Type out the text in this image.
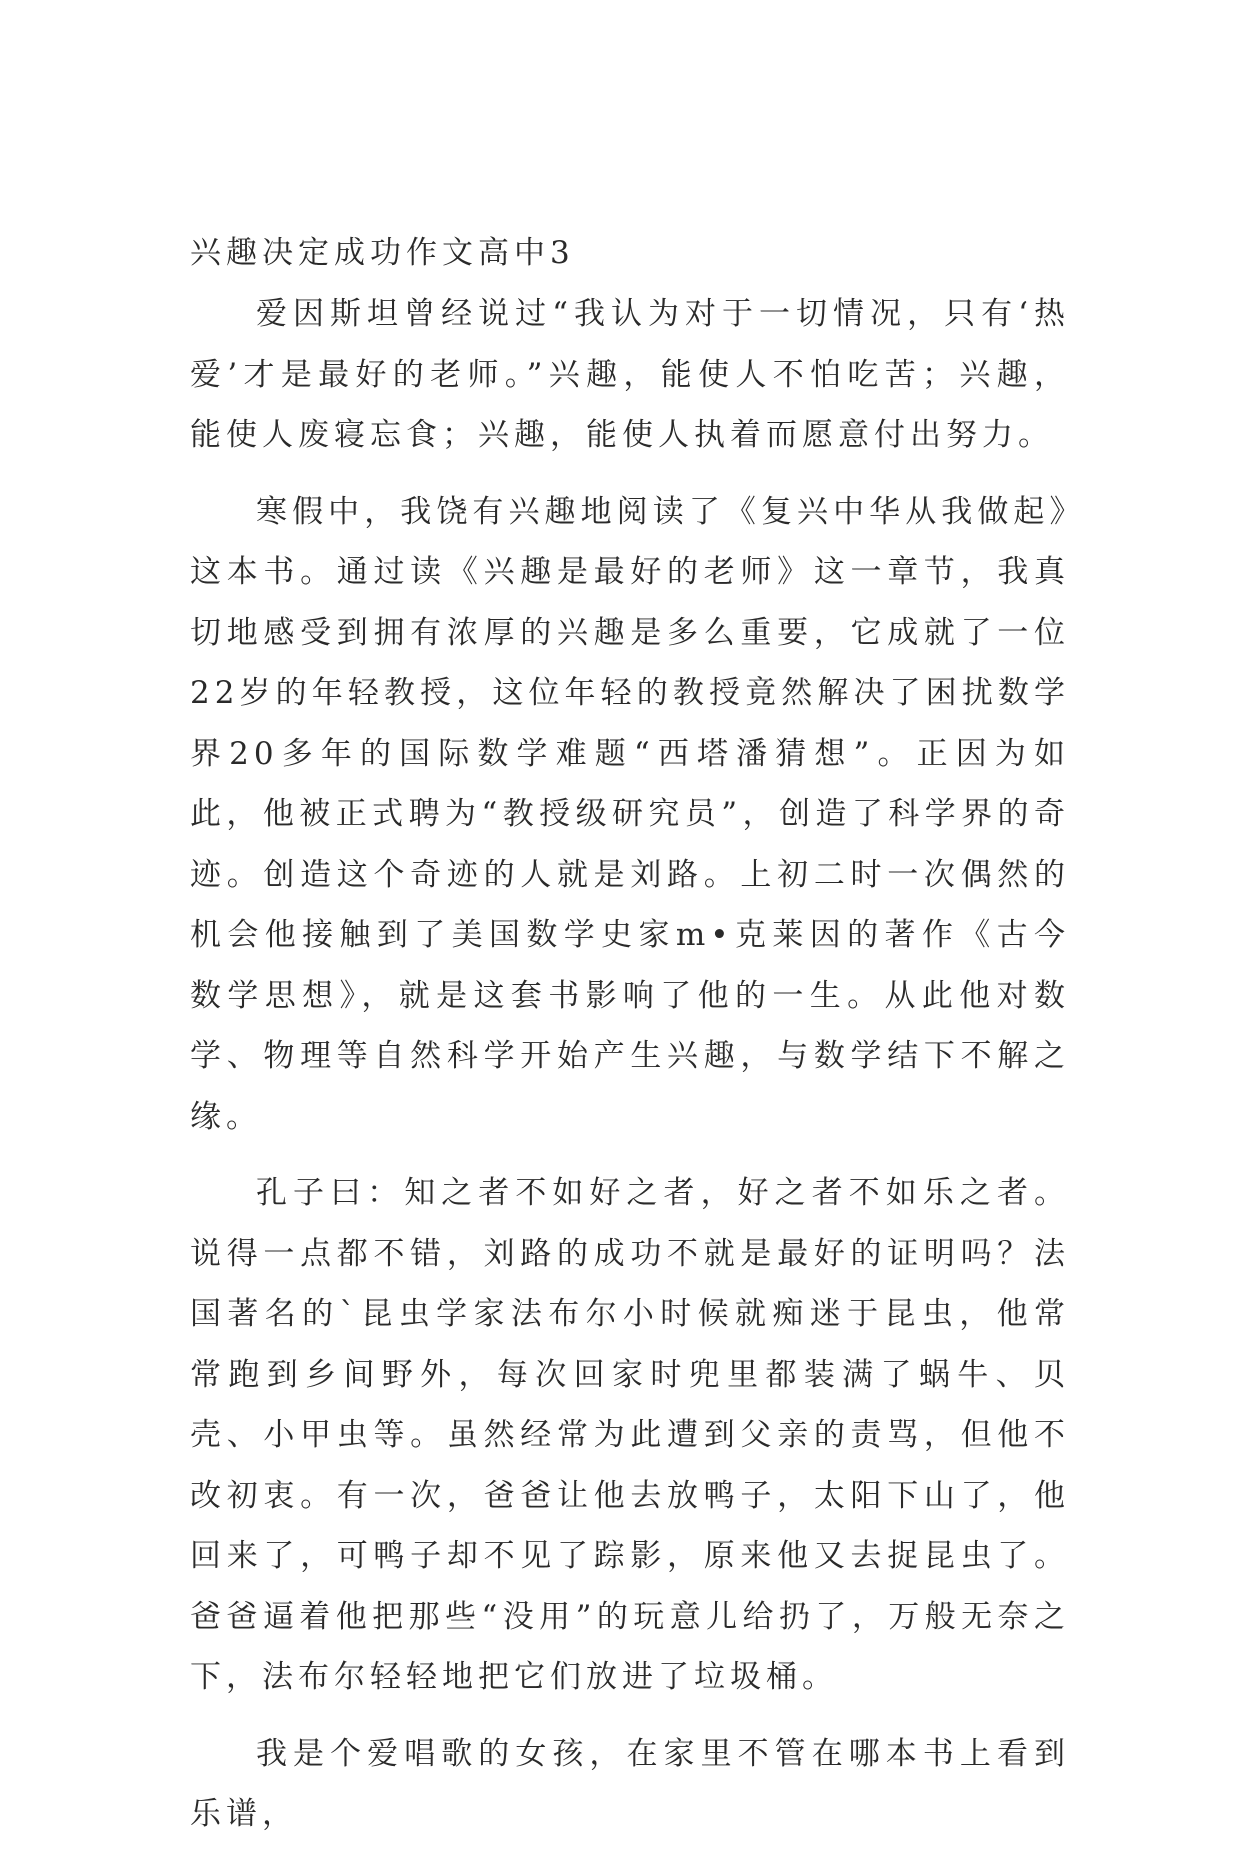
兴趣决定成功作文高中3

爱因斯坦曾经说过“我认为对于一切情况，只有‘热爱’才是最好的老师。”兴趣，能使人不怕吃苦；兴趣，能使人废寝忘食；兴趣，能使人执着而愿意付出努力。

寒假中，我饶有兴趣地阅读了《复兴中华从我做起》这本书。通过读《兴趣是最好的老师》这一章节，我真切地感受到拥有浓厚的兴趣是多么重要，它成就了一位22岁的年轻教授，这位年轻的教授竟然解决了困扰数学界20多年的国际数学难题“西塔潘猜想”。正因为如此，他被正式聘为“教授级研究员”，创造了科学界的奇迹。创造这个奇迹的人就是刘路。上初二时一次偶然的机会他接触到了美国数学史家m•克莱因的著作《古今数学思想》，就是这套书影响了他的一生。从此他对数学、物理等自然科学开始产生兴趣，与数学结下不解之缘。

孔子曰：知之者不如好之者，好之者不如乐之者。说得一点都不错，刘路的成功不就是最好的证明吗？法国著名的`昆虫学家法布尔小时候就痴迷于昆虫，他常常跑到乡间野外，每次回家时兜里都装满了蜗牛、贝壳、小甲虫等。虽然经常为此遭到父亲的责骂，但他不改初衷。有一次，爸爸让他去放鸭子，太阳下山了，他回来了，可鸭子却不见了踪影，原来他又去捉昆虫了。爸爸逼着他把那些“没用”的玩意儿给扔了，万般无奈之下，法布尔轻轻地把它们放进了垃圾桶。

我是个爱唱歌的女孩，在家里不管在哪本书上看到乐谱，
